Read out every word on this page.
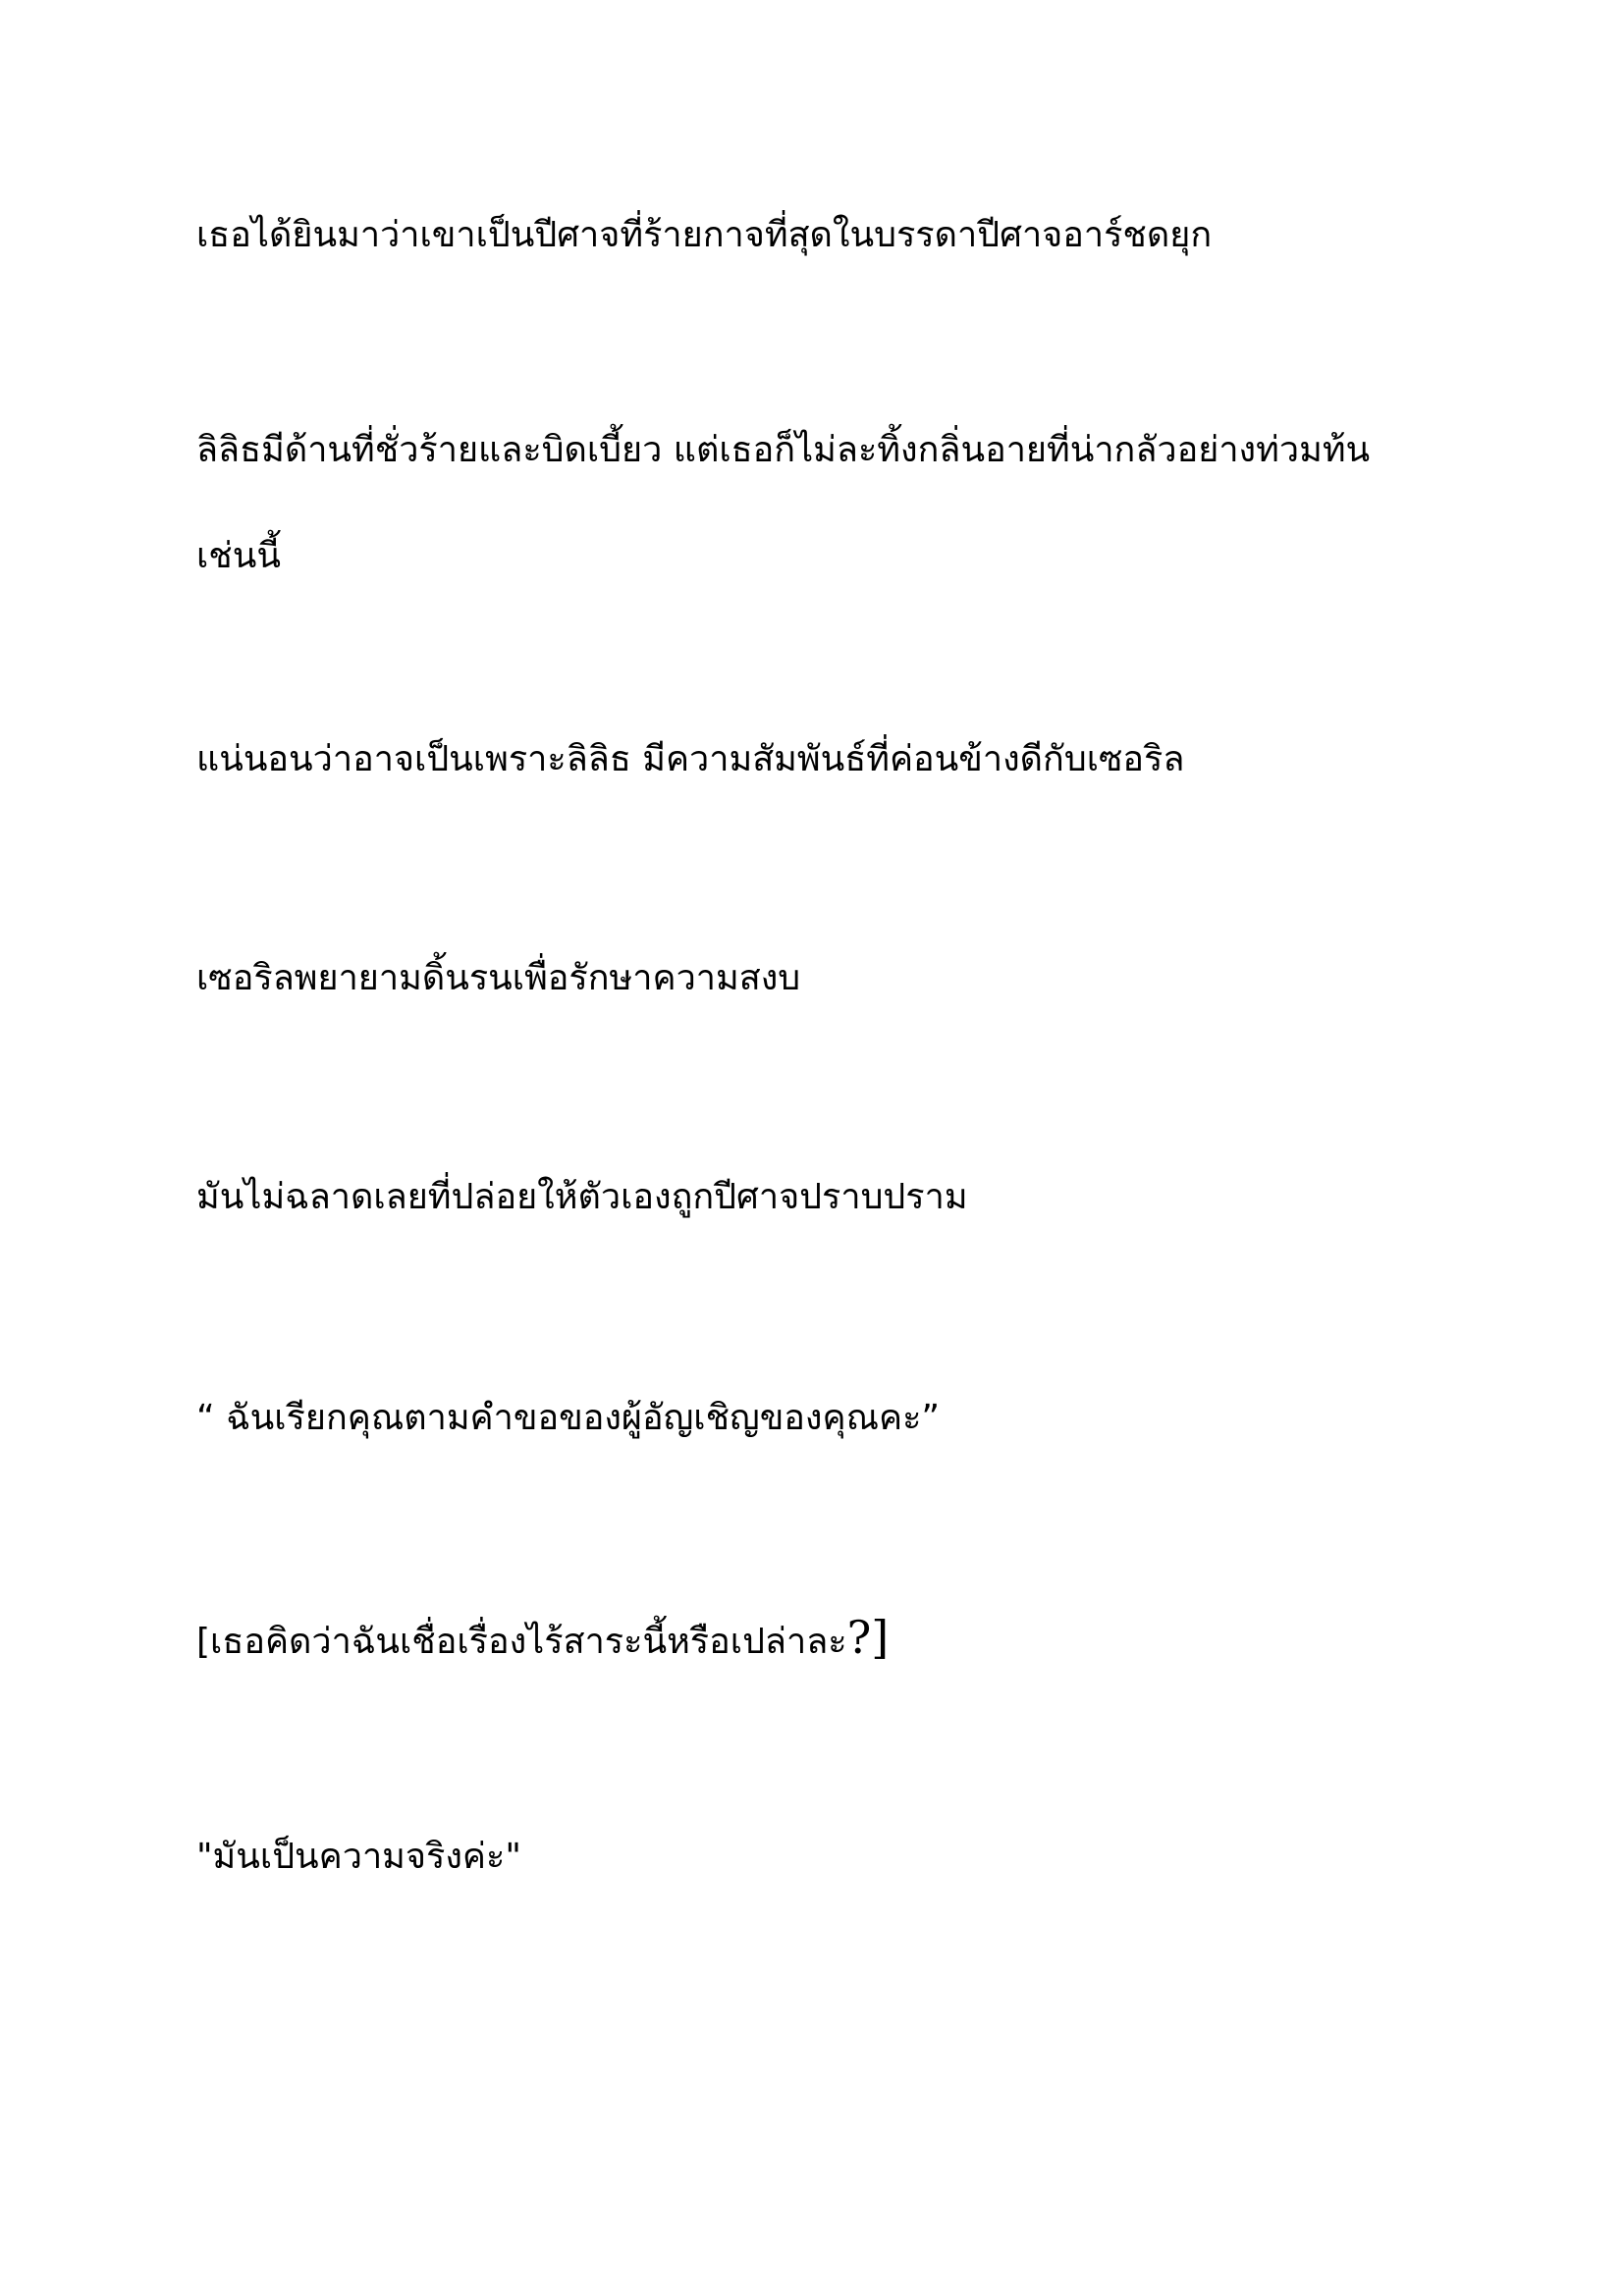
เธอได้ยินมาว่าเขาเป็นปีศาจที่ร้ายกาจที่สุดในบรรดาปีศาจอาร์ชดยุก

ลิลิธมีด้านที่ชั่วร้ายและบิดเบี้ยว แต่เธอก็ไม่ละทิ้งกลิ่นอายที่น่ากลัวอย่างท่วมท้นเช่นนี้

แน่นอนว่าอาจเป็นเพราะลิลิธ มีความสัมพันธ์ที่ค่อนข้างดีกับเซอริล

เซอริลพยายามดิ้นรนเพื่อรักษาความสงบ

มันไม่ฉลาดเลยที่ปล่อยให้ตัวเองถูกปีศาจปราบปราม

“ ฉันเรียกคุณตามคำขอของผู้อัญเชิญของคุณคะ”

[เธอคิดว่าฉันเชื่อเรื่องไร้สาระนี้หรือเปล่าละ?]

"มันเป็นความจริงค่ะ"
